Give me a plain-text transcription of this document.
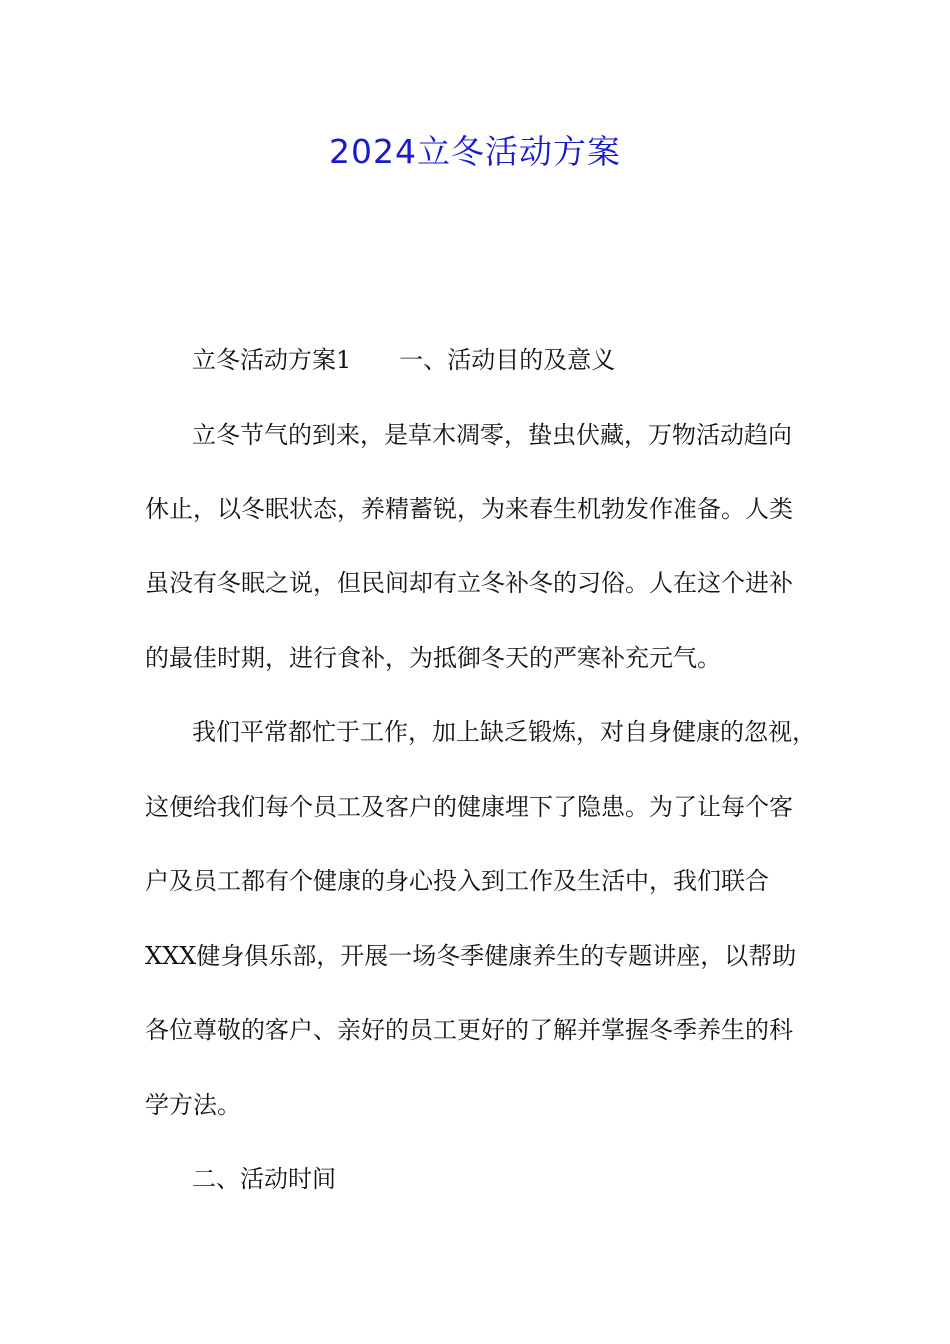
2024立冬活动方案

立冬活动方案1 一、活动目的及意义

立冬节气的到来，是草木凋零，蛰虫伏藏，万物活动趋向

休止，以冬眠状态，养精蓄锐，为来春生机勃发作准备。人类

虽没有冬眠之说，但民间却有立冬补冬的习俗。人在这个进补

的最佳时期，进行食补，为抵御冬天的严寒补充元气。

我们平常都忙于工作，加上缺乏锻炼，对自身健康的忽视，

这便给我们每个员工及客户的健康埋下了隐患。为了让每个客

户及员工都有个健康的身心投入到工作及生活中，我们联合

XXX健身俱乐部，开展一场冬季健康养生的专题讲座，以帮助

各位尊敬的客户、亲好的员工更好的了解并掌握冬季养生的科

学方法。

二、活动时间
